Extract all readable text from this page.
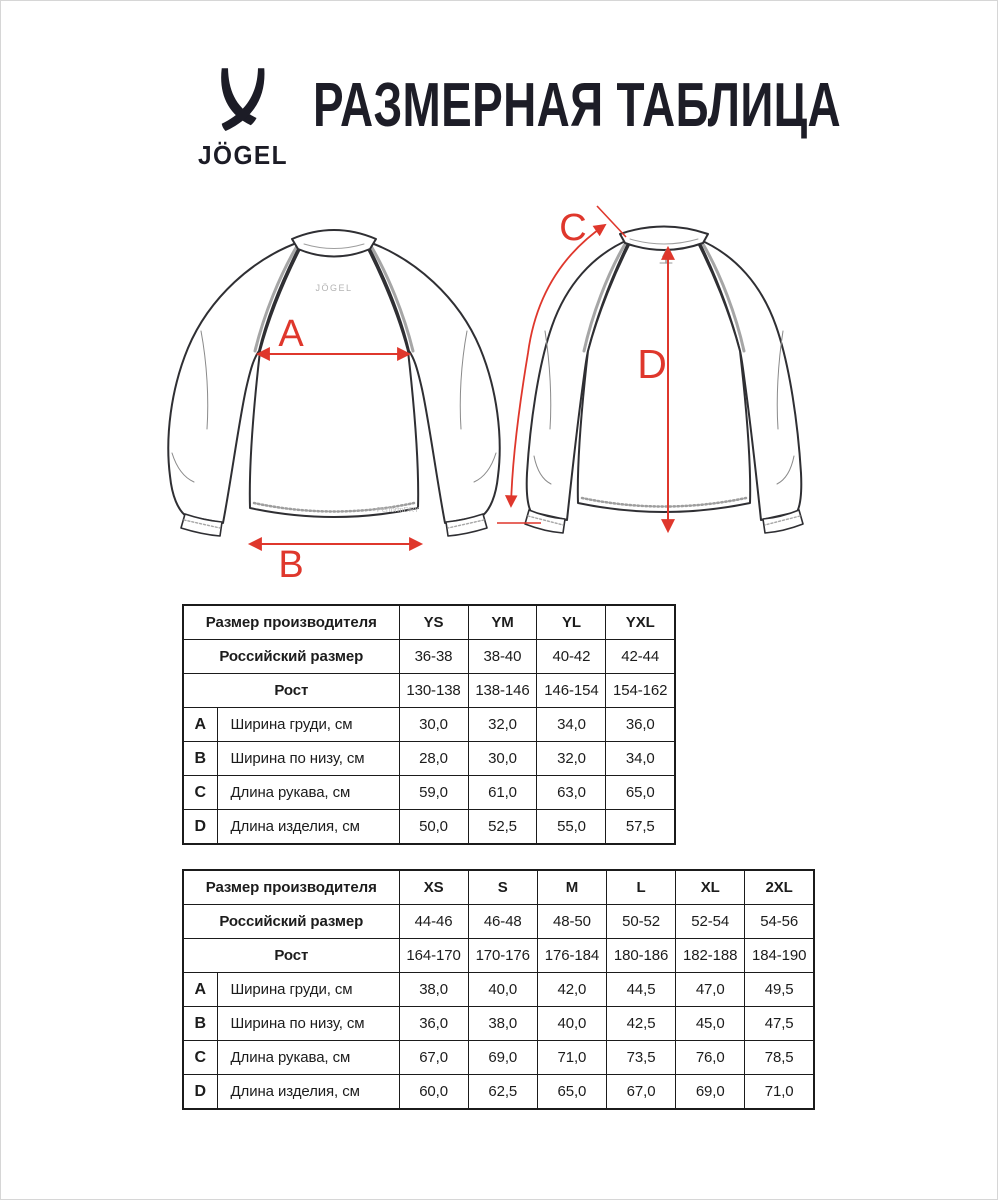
JÖGEL
РАЗМЕРНАЯ ТАБЛИЦА
JÖGEL
PerformDRY
A
B
C
D
Размер производителя		YS	YM	YL	YXL
Российский размер		36-38	38-40	40-42	42-44
Рост		130-138	138-146	146-154	154-162
A	Ширина груди, см	30,0	32,0	34,0	36,0
B	Ширина по низу, см	28,0	30,0	32,0	34,0
C	Длина рукава, см	59,0	61,0	63,0	65,0
D	Длина изделия, см	50,0	52,5	55,0	57,5
Размер производителя		XS	S	M	L	XL	2XL
Российский размер		44-46	46-48	48-50	50-52	52-54	54-56
Рост		164-170	170-176	176-184	180-186	182-188	184-190
A	Ширина груди, см	38,0	40,0	42,0	44,5	47,0	49,5
B	Ширина по низу, см	36,0	38,0	40,0	42,5	45,0	47,5
C	Длина рукава, см	67,0	69,0	71,0	73,5	76,0	78,5
D	Длина изделия, см	60,0	62,5	65,0	67,0	69,0	71,0
